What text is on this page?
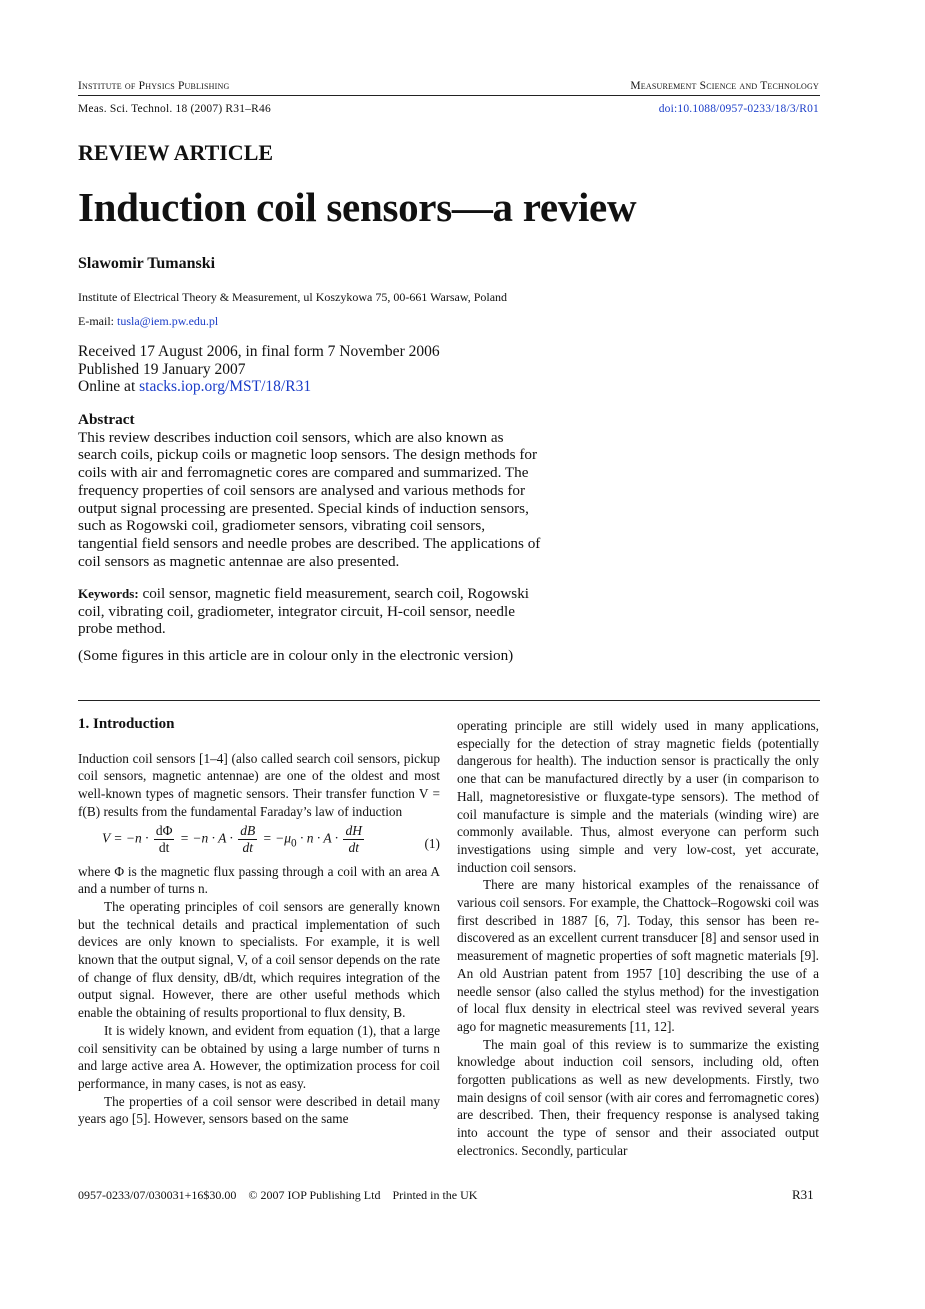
Institute of Physics Publishing	Measurement Science and Technology
Meas. Sci. Technol. 18 (2007) R31–R46	doi:10.1088/0957-0233/18/3/R01
REVIEW ARTICLE
Induction coil sensors—a review
Slawomir Tumanski
Institute of Electrical Theory & Measurement, ul Koszykowa 75, 00-661 Warsaw, Poland
E-mail: tusla@iem.pw.edu.pl
Received 17 August 2006, in final form 7 November 2006
Published 19 January 2007
Online at stacks.iop.org/MST/18/R31
Abstract
This review describes induction coil sensors, which are also known as
search coils, pickup coils or magnetic loop sensors. The design methods for
coils with air and ferromagnetic cores are compared and summarized. The
frequency properties of coil sensors are analysed and various methods for
output signal processing are presented. Special kinds of induction sensors,
such as Rogowski coil, gradiometer sensors, vibrating coil sensors,
tangential field sensors and needle probes are described. The applications of
coil sensors as magnetic antennae are also presented.
Keywords: coil sensor, magnetic field measurement, search coil, Rogowski
coil, vibrating coil, gradiometer, integrator circuit, H-coil sensor, needle
probe method.
(Some figures in this article are in colour only in the electronic version)

1. Introduction

Induction coil sensors [1–4] (also called search coil sensors, pickup coil sensors, magnetic antennae) are one of the oldest and most well-known types of magnetic sensors. Their transfer function V = f(B) results from the fundamental Faraday’s law of induction

$V = -n \cdot \frac{d\Phi}{dt} = -n \cdot A \cdot \frac{dB}{dt} = -\mu_0 \cdot n \cdot A \cdot \frac{dH}{dt}$	(1)

where Φ is the magnetic flux passing through a coil with an area A and a number of turns n.

The operating principles of coil sensors are generally known but the technical details and practical implementation of such devices are only known to specialists. For example, it is well known that the output signal, V, of a coil sensor depends on the rate of change of flux density, dB/dt, which requires integration of the output signal. However, there are other useful methods which enable the obtaining of results proportional to flux density, B.

It is widely known, and evident from equation (1), that a large coil sensitivity can be obtained by using a large number of turns n and large active area A. However, the optimization process for coil performance, in many cases, is not as easy.

The properties of a coil sensor were described in detail many years ago [5]. However, sensors based on the same

operating principle are still widely used in many applications, especially for the detection of stray magnetic fields (potentially dangerous for health). The induction sensor is practically the only one that can be manufactured directly by a user (in comparison to Hall, magnetoresistive or fluxgate-type sensors). The method of coil manufacture is simple and the materials (winding wire) are commonly available. Thus, almost everyone can perform such investigations using simple and very low-cost, yet accurate, induction coil sensors.

There are many historical examples of the renaissance of various coil sensors. For example, the Chattock–Rogowski coil was first described in 1887 [6, 7]. Today, this sensor has been re-discovered as an excellent current transducer [8] and sensor used in measurement of magnetic properties of soft magnetic materials [9]. An old Austrian patent from 1957 [10] describing the use of a needle sensor (also called the stylus method) for the investigation of local flux density in electrical steel was revived several years ago for magnetic measurements [11, 12].

The main goal of this review is to summarize the existing knowledge about induction coil sensors, including old, often forgotten publications as well as new developments. Firstly, two main designs of coil sensor (with air cores and ferromagnetic cores) are described. Then, their frequency response is analysed taking into account the type of sensor and their associated output electronics. Secondly, particular

0957-0233/07/030031+16$30.00    © 2007 IOP Publishing Ltd    Printed in the UK	R31
